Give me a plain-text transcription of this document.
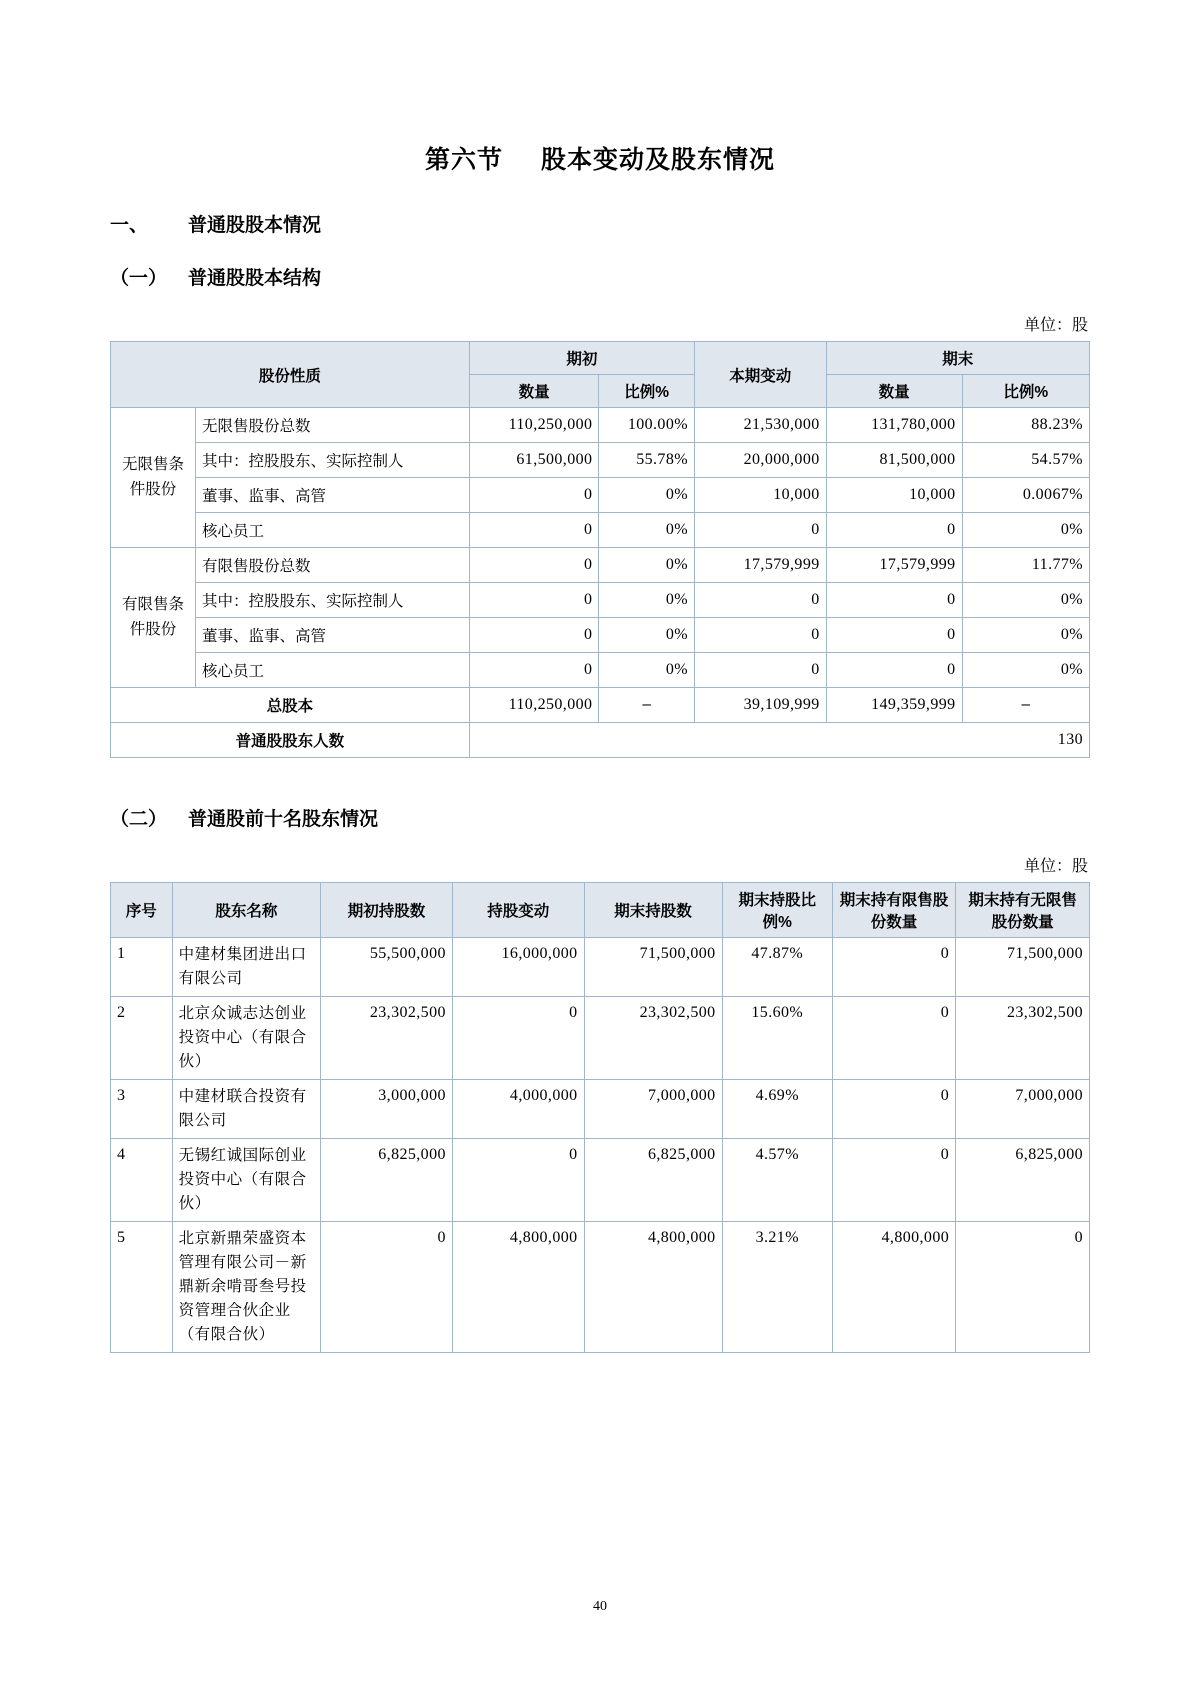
第六节 股本变动及股东情况
一、 普通股股本情况
（一） 普通股股本结构
单位：股
股份性质		期初		本期变动	期末	
		数量	比例%		数量	比例%
无限售条件股份	无限售股份总数	110,250,000	100.00%	21,530,000	131,780,000	88.23%
	其中：控股股东、实际控制人	61,500,000	55.78%	20,000,000	81,500,000	54.57%
	董事、监事、高管	0	0%	10,000	10,000	0.0067%
	核心员工	0	0%	0	0	0%
有限售条件股份	有限售股份总数	0	0%	17,579,999	17,579,999	11.77%
	其中：控股股东、实际控制人	0	0%	0	0	0%
	董事、监事、高管	0	0%	0	0	0%
	核心员工	0	0%	0	0	0%
总股本		110,250,000	–	39,109,999	149,359,999	–
普通股股东人数		130				
（二） 普通股前十名股东情况
单位：股
序号	股东名称	期初持股数	持股变动	期末持股数	期末持股比例%	期末持有限售股份数量	期末持有无限售股份数量
1	中建材集团进出口有限公司	55,500,000	16,000,000	71,500,000	47.87%	0	71,500,000
2	北京众诚志达创业投资中心（有限合伙）	23,302,500	0	23,302,500	15.60%	0	23,302,500
3	中建材联合投资有限公司	3,000,000	4,000,000	7,000,000	4.69%	0	7,000,000
4	无锡红诚国际创业投资中心（有限合伙）	6,825,000	0	6,825,000	4.57%	0	6,825,000
5	北京新鼎荣盛资本管理有限公司－新鼎新余啃哥叁号投资管理合伙企业（有限合伙）	0	4,800,000	4,800,000	3.21%	4,800,000	0
40
